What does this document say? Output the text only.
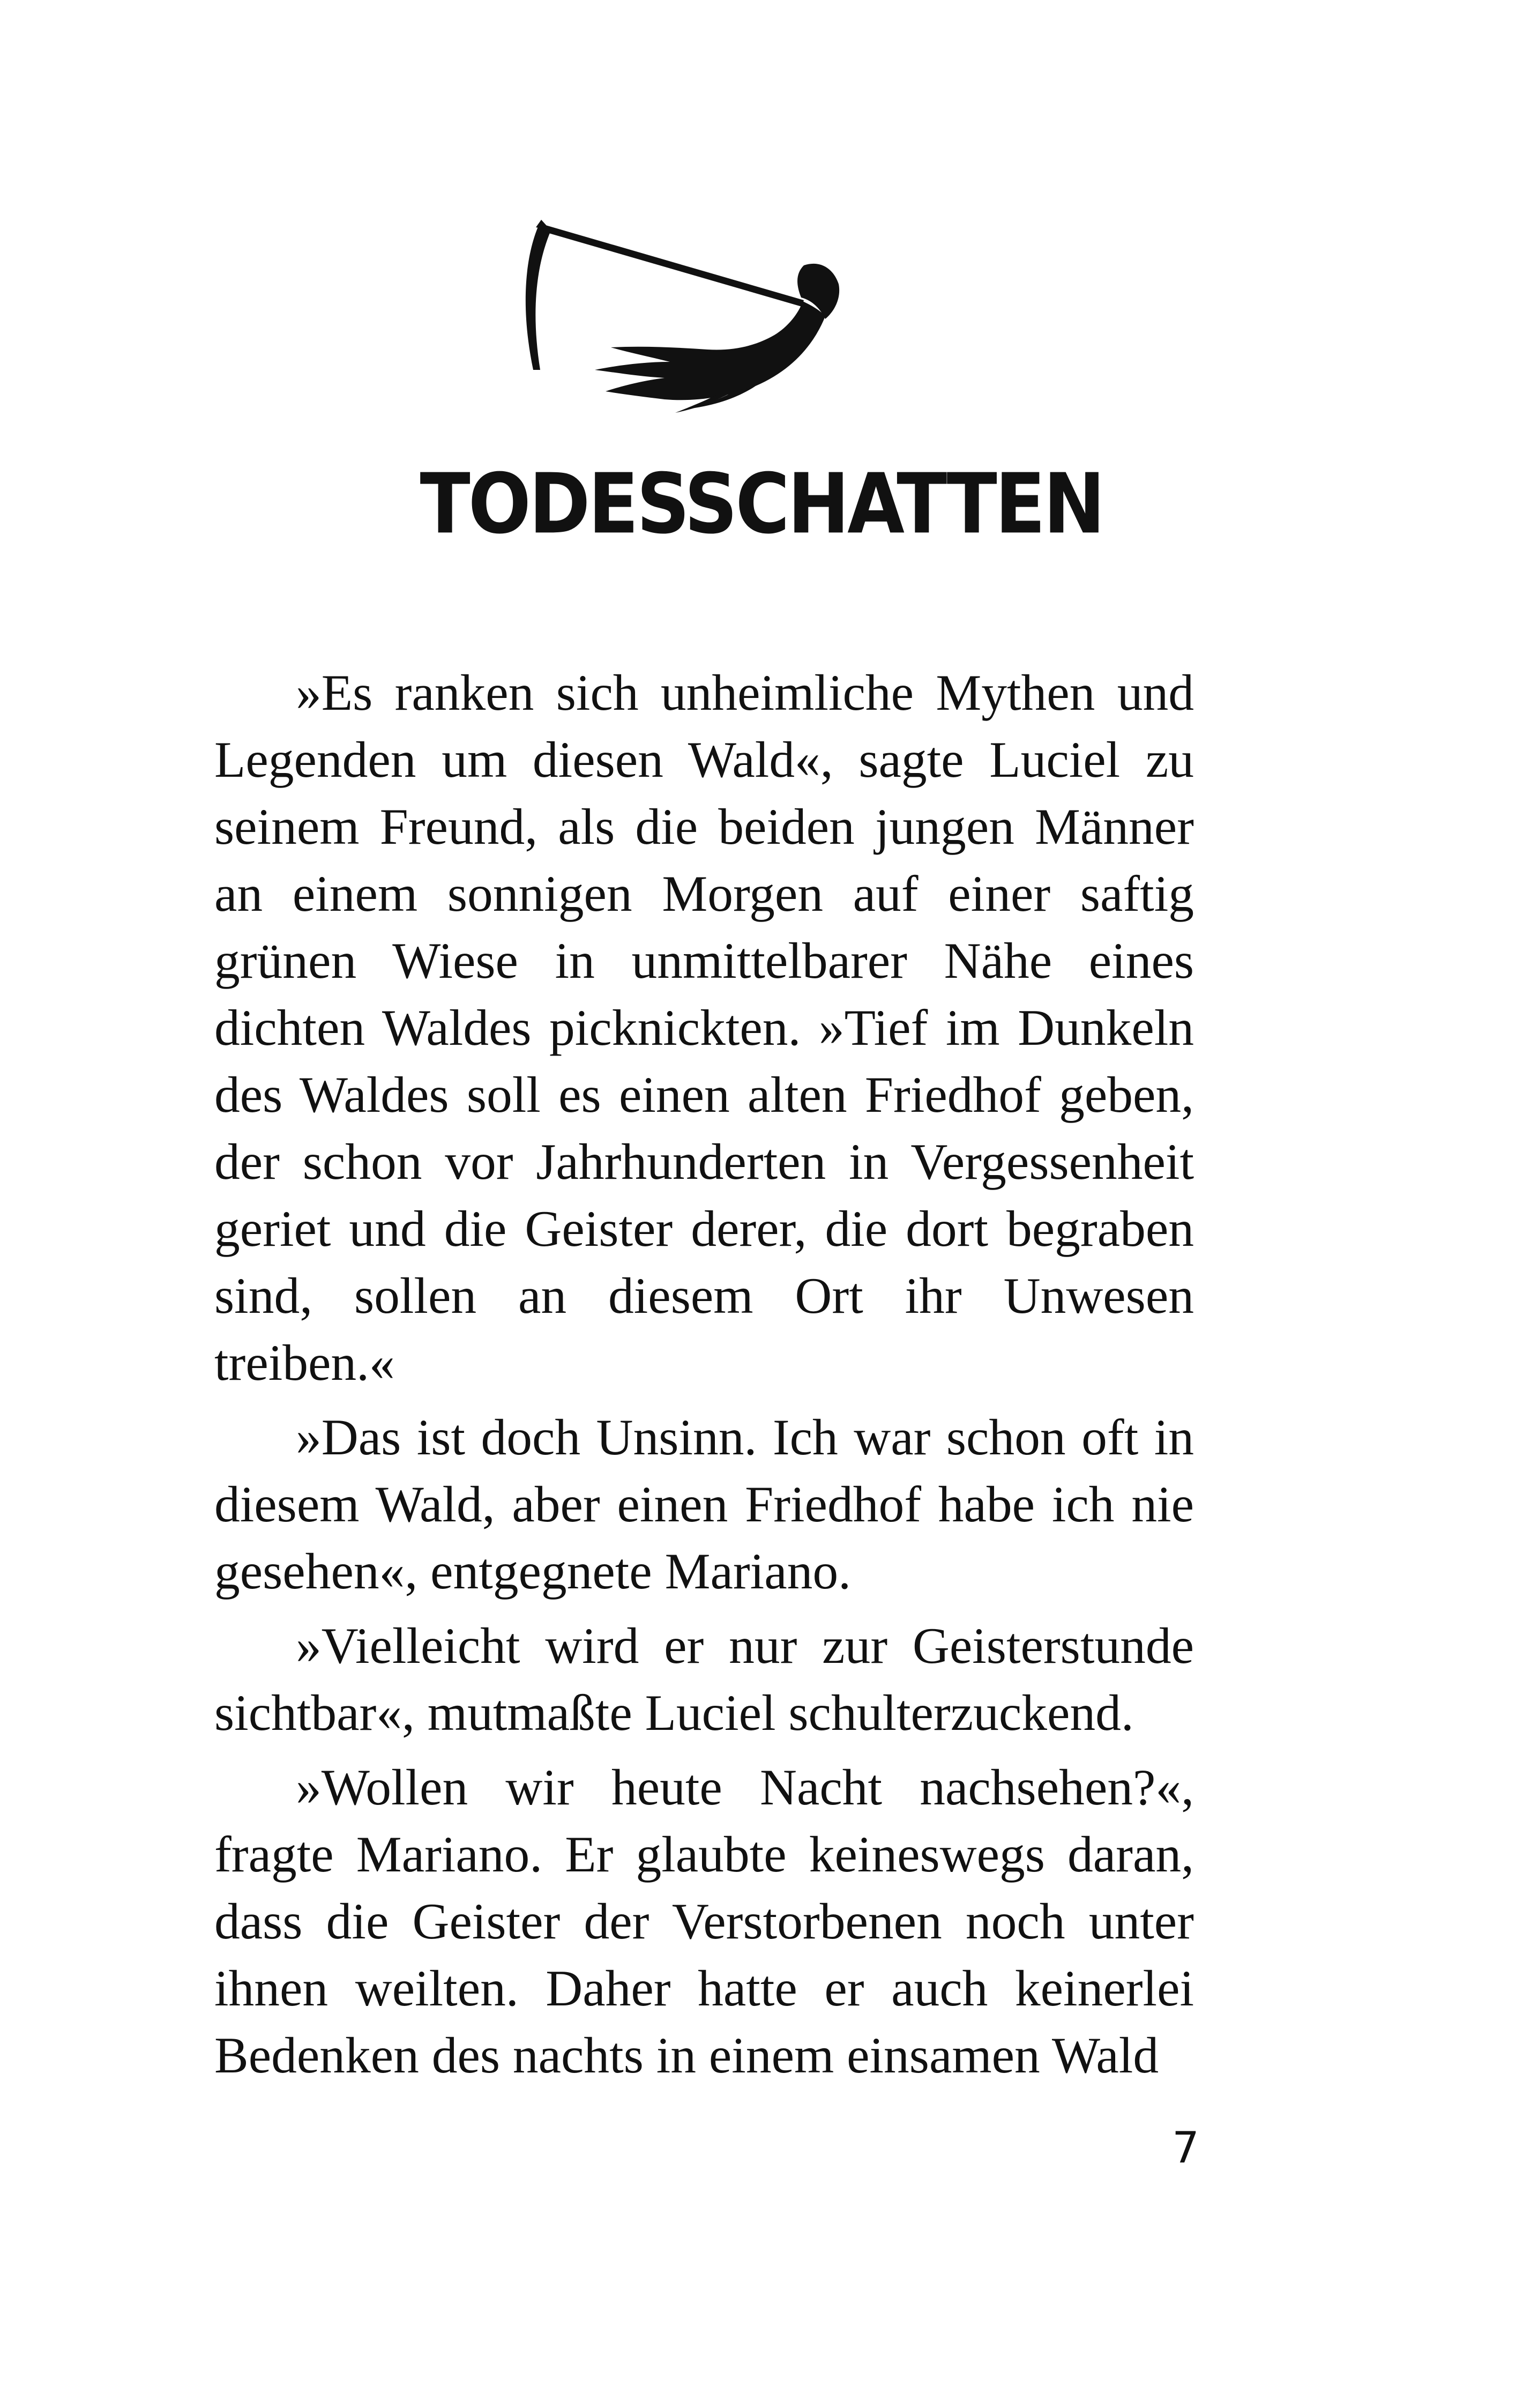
TODESSCHATTEN

»Es ranken sich unheimliche Mythen und Legenden um diesen Wald«, sagte Luciel zu seinem Freund, als die beiden jungen Männer an einem sonnigen Morgen auf einer saftig grünen Wiese in unmittelbarer Nähe eines dichten Waldes picknickten. »Tief im Dunkeln des Waldes soll es einen alten Friedhof geben, der schon vor Jahrhunderten in Vergessenheit geriet und die Geister derer, die dort begraben sind, sollen an diesem Ort ihr Unwesen treiben.«

»Das ist doch Unsinn. Ich war schon oft in diesem Wald, aber einen Friedhof habe ich nie gesehen«, entgegnete Mariano.

»Vielleicht wird er nur zur Geisterstunde sichtbar«, mutmaßte Luciel schulterzuckend.

»Wollen wir heute Nacht nachsehen?«, fragte Mariano. Er glaubte keineswegs daran, dass die Geister der Verstorbenen noch unter ihnen weilten. Daher hatte er auch keinerlei Bedenken des nachts in einem einsamen Wald

7
